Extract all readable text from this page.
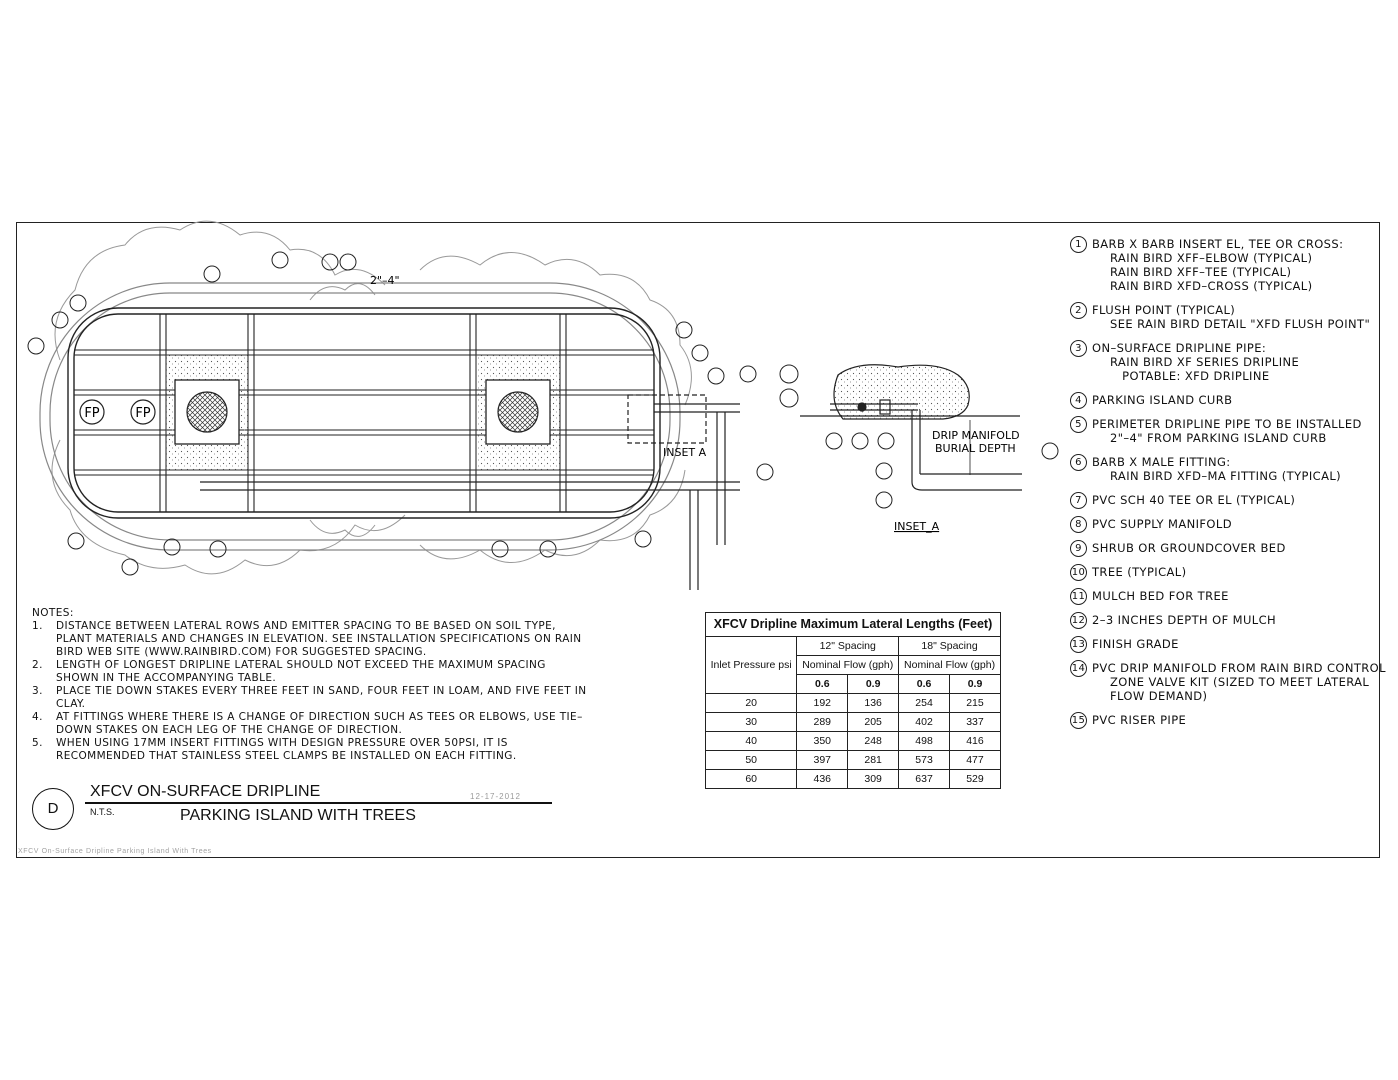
FP	FP
INSET A
2"–4"
DRIP MANIFOLD
BURIAL DEPTH
INSET_A
1 BARB X BARB INSERT EL, TEE OR CROSS:
RAIN BIRD XFF–ELBOW (TYPICAL)
RAIN BIRD XFF–TEE (TYPICAL)
RAIN BIRD XFD–CROSS (TYPICAL)
2 FLUSH POINT (TYPICAL)
SEE RAIN BIRD DETAIL "XFD FLUSH POINT"
3 ON–SURFACE DRIPLINE PIPE:
RAIN BIRD XF SERIES DRIPLINE
POTABLE: XFD DRIPLINE
4 PARKING ISLAND CURB
5 PERIMETER DRIPLINE PIPE TO BE INSTALLED
2"–4" FROM PARKING ISLAND CURB
6 BARB X MALE FITTING:
RAIN BIRD XFD–MA FITTING (TYPICAL)
7 PVC SCH 40 TEE OR EL (TYPICAL)
8 PVC SUPPLY MANIFOLD
9 SHRUB OR GROUNDCOVER BED
10 TREE (TYPICAL)
11 MULCH BED FOR TREE
12 2–3 INCHES DEPTH OF MULCH
13 FINISH GRADE
14 PVC DRIP MANIFOLD FROM RAIN BIRD CONTROL
ZONE VALVE KIT (SIZED TO MEET LATERAL
FLOW DEMAND)
15 PVC RISER PIPE
NOTES:
1. DISTANCE BETWEEN LATERAL ROWS AND EMITTER SPACING TO BE BASED ON SOIL TYPE, PLANT MATERIALS AND CHANGES IN ELEVATION. SEE INSTALLATION SPECIFICATIONS ON RAIN BIRD WEB SITE (WWW.RAINBIRD.COM) FOR SUGGESTED SPACING.
2. LENGTH OF LONGEST DRIPLINE LATERAL SHOULD NOT EXCEED THE MAXIMUM SPACING SHOWN IN THE ACCOMPANYING TABLE.
3. PLACE TIE DOWN STAKES EVERY THREE FEET IN SAND, FOUR FEET IN LOAM, AND FIVE FEET IN CLAY.
4. AT FITTINGS WHERE THERE IS A CHANGE OF DIRECTION SUCH AS TEES OR ELBOWS, USE TIE–DOWN STAKES ON EACH LEG OF THE CHANGE OF DIRECTION.
5. WHEN USING 17MM INSERT FITTINGS WITH DESIGN PRESSURE OVER 50PSI, IT IS RECOMMENDED THAT STAINLESS STEEL CLAMPS BE INSTALLED ON EACH FITTING.
XFCV Dripline Maximum Lateral Lengths (Feet)				
Inlet Pressure psi	12" Spacing		18" Spacing	
	Nominal Flow (gph)		Nominal Flow (gph)	
	0.6	0.9	0.6	0.9
20	192	136	254	215
30	289	205	402	337
40	350	248	498	416
50	397	281	573	477
60	436	309	637	529
D
XFCV ON-SURFACE DRIPLINE	12-17-2012
N.T.S.	PARKING ISLAND WITH TREES
XFCV On-Surface Dripline Parking Island With Trees
